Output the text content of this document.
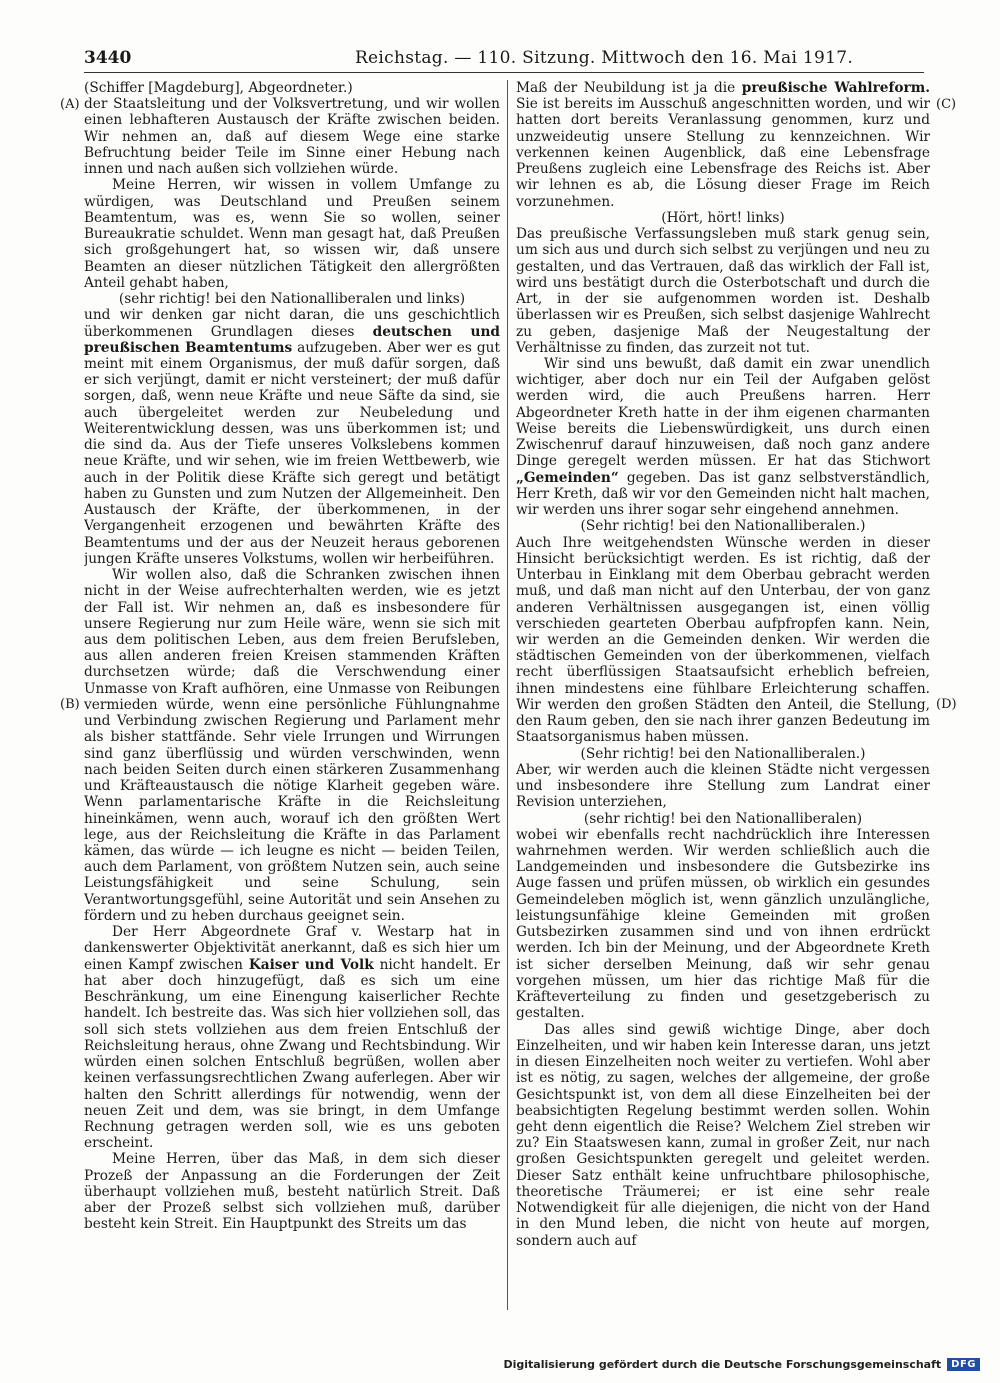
3440	Reichstag. — 110. Sitzung. Mittwoch den 16. Mai 1917.
(A)
(B)
(C)
(D)

(Schiffer [Magdeburg], Abgeordneter.)

der Staatsleitung und der Volksvertretung, und wir wollen einen lebhafteren Austausch der Kräfte zwischen beiden. Wir nehmen an, daß auf diesem Wege eine starke Befruchtung beider Teile im Sinne einer Hebung nach innen und nach außen sich vollziehen würde.

Meine Herren, wir wissen in vollem Umfange zu würdigen, was Deutschland und Preußen seinem Beamtentum, was es, wenn Sie so wollen, seiner Bureaukratie schuldet. Wenn man gesagt hat, daß Preußen sich großgehungert hat, so wissen wir, daß unsere Beamten an dieser nützlichen Tätigkeit den allergrößten Anteil gehabt haben,

(sehr richtig! bei den Nationalliberalen und links)

und wir denken gar nicht daran, die uns geschichtlich überkommenen Grundlagen dieses deutschen und preußischen Beamtentums aufzugeben. Aber wer es gut meint mit einem Organismus, der muß dafür sorgen, daß er sich verjüngt, damit er nicht versteinert; der muß dafür sorgen, daß, wenn neue Kräfte und neue Säfte da sind, sie auch übergeleitet werden zur Neubeledung und Weiterentwicklung dessen, was uns überkommen ist; und die sind da. Aus der Tiefe unseres Volkslebens kommen neue Kräfte, und wir sehen, wie im freien Wettbewerb, wie auch in der Politik diese Kräfte sich geregt und betätigt haben zu Gunsten und zum Nutzen der Allgemeinheit. Den Austausch der Kräfte, der überkommenen, in der Vergangenheit erzogenen und bewährten Kräfte des Beamtentums und der aus der Neuzeit heraus geborenen jungen Kräfte unseres Volkstums, wollen wir herbeiführen.

Wir wollen also, daß die Schranken zwischen ihnen nicht in der Weise aufrechterhalten werden, wie es jetzt der Fall ist. Wir nehmen an, daß es insbesondere für unsere Regierung nur zum Heile wäre, wenn sie sich mit aus dem politischen Leben, aus dem freien Berufsleben, aus allen anderen freien Kreisen stammenden Kräften durchsetzen würde; daß die Verschwendung einer Unmasse von Kraft aufhören, eine Unmasse von Reibungen vermieden würde, wenn eine persönliche Fühlungnahme und Verbindung zwischen Regierung und Parlament mehr als bisher stattfände. Sehr viele Irrungen und Wirrungen sind ganz überflüssig und würden verschwinden, wenn nach beiden Seiten durch einen stärkeren Zusammenhang und Kräfteaustausch die nötige Klarheit gegeben wäre. Wenn parlamentarische Kräfte in die Reichsleitung hineinkämen, wenn auch, worauf ich den größten Wert lege, aus der Reichsleitung die Kräfte in das Parlament kämen, das würde — ich leugne es nicht — beiden Teilen, auch dem Parlament, von größtem Nutzen sein, auch seine Leistungsfähigkeit und seine Schulung, sein Verantwortungsgefühl, seine Autorität und sein Ansehen zu fördern und zu heben durchaus geeignet sein.

Der Herr Abgeordnete Graf v. Westarp hat in dankenswerter Objektivität anerkannt, daß es sich hier um einen Kampf zwischen Kaiser und Volk nicht handelt. Er hat aber doch hinzugefügt, daß es sich um eine Beschränkung, um eine Einengung kaiserlicher Rechte handelt. Ich bestreite das. Was sich hier vollziehen soll, das soll sich stets vollziehen aus dem freien Entschluß der Reichsleitung heraus, ohne Zwang und Rechtsbindung. Wir würden einen solchen Entschluß begrüßen, wollen aber keinen verfassungsrechtlichen Zwang auferlegen. Aber wir halten den Schritt allerdings für notwendig, wenn der neuen Zeit und dem, was sie bringt, in dem Umfange Rechnung getragen werden soll, wie es uns geboten erscheint.

Meine Herren, über das Maß, in dem sich dieser Prozeß der Anpassung an die Forderungen der Zeit überhaupt vollziehen muß, besteht natürlich Streit. Daß aber der Prozeß selbst sich vollziehen muß, darüber besteht kein Streit. Ein Hauptpunkt des Streits um das

Maß der Neubildung ist ja die preußische Wahlreform. Sie ist bereits im Ausschuß angeschnitten worden, und wir hatten dort bereits Veranlassung genommen, kurz und unzweideutig unsere Stellung zu kennzeichnen. Wir verkennen keinen Augenblick, daß eine Lebensfrage Preußens zugleich eine Lebensfrage des Reichs ist. Aber wir lehnen es ab, die Lösung dieser Frage im Reich vorzunehmen.

(Hört, hört! links)

Das preußische Verfassungsleben muß stark genug sein, um sich aus und durch sich selbst zu verjüngen und neu zu gestalten, und das Vertrauen, daß das wirklich der Fall ist, wird uns bestätigt durch die Osterbotschaft und durch die Art, in der sie aufgenommen worden ist. Deshalb überlassen wir es Preußen, sich selbst dasjenige Wahlrecht zu geben, dasjenige Maß der Neugestaltung der Verhältnisse zu finden, das zurzeit not tut.

Wir sind uns bewußt, daß damit ein zwar unendlich wichtiger, aber doch nur ein Teil der Aufgaben gelöst werden wird, die auch Preußens harren. Herr Abgeordneter Kreth hatte in der ihm eigenen charmanten Weise bereits die Liebenswürdigkeit, uns durch einen Zwischenruf darauf hinzuweisen, daß noch ganz andere Dinge geregelt werden müssen. Er hat das Stichwort „Gemeinden“ gegeben. Das ist ganz selbstverständlich, Herr Kreth, daß wir vor den Gemeinden nicht halt machen, wir werden uns ihrer sogar sehr eingehend annehmen.

(Sehr richtig! bei den Nationalliberalen.)

Auch Ihre weitgehendsten Wünsche werden in dieser Hinsicht berücksichtigt werden. Es ist richtig, daß der Unterbau in Einklang mit dem Oberbau gebracht werden muß, und daß man nicht auf den Unterbau, der von ganz anderen Verhältnissen ausgegangen ist, einen völlig verschieden gearteten Oberbau aufpfropfen kann. Nein, wir werden an die Gemeinden denken. Wir werden die städtischen Gemeinden von der überkommenen, vielfach recht überflüssigen Staatsaufsicht erheblich befreien, ihnen mindestens eine fühlbare Erleichterung schaffen. Wir werden den großen Städten den Anteil, die Stellung, den Raum geben, den sie nach ihrer ganzen Bedeutung im Staatsorganismus haben müssen.

(Sehr richtig! bei den Nationalliberalen.)

Aber, wir werden auch die kleinen Städte nicht vergessen und insbesondere ihre Stellung zum Landrat einer Revision unterziehen,

(sehr richtig! bei den Nationalliberalen)

wobei wir ebenfalls recht nachdrücklich ihre Interessen wahrnehmen werden. Wir werden schließlich auch die Landgemeinden und insbesondere die Gutsbezirke ins Auge fassen und prüfen müssen, ob wirklich ein gesundes Gemeindeleben möglich ist, wenn gänzlich unzulängliche, leistungsunfähige kleine Gemeinden mit großen Gutsbezirken zusammen sind und von ihnen erdrückt werden. Ich bin der Meinung, und der Abgeordnete Kreth ist sicher derselben Meinung, daß wir sehr genau vorgehen müssen, um hier das richtige Maß für die Kräfteverteilung zu finden und gesetzgeberisch zu gestalten.

Das alles sind gewiß wichtige Dinge, aber doch Einzelheiten, und wir haben kein Interesse daran, uns jetzt in diesen Einzelheiten noch weiter zu vertiefen. Wohl aber ist es nötig, zu sagen, welches der allgemeine, der große Gesichtspunkt ist, von dem all diese Einzelheiten bei der beabsichtigten Regelung bestimmt werden sollen. Wohin geht denn eigentlich die Reise? Welchem Ziel streben wir zu? Ein Staatswesen kann, zumal in großer Zeit, nur nach großen Gesichtspunkten geregelt und geleitet werden. Dieser Satz enthält keine unfruchtbare philosophische, theoretische Träumerei; er ist eine sehr reale Notwendigkeit für alle diejenigen, die nicht von der Hand in den Mund leben, die nicht von heute auf morgen, sondern auch auf

Digitalisierung gefördert durch die Deutsche Forschungsgemeinschaft	DFG
